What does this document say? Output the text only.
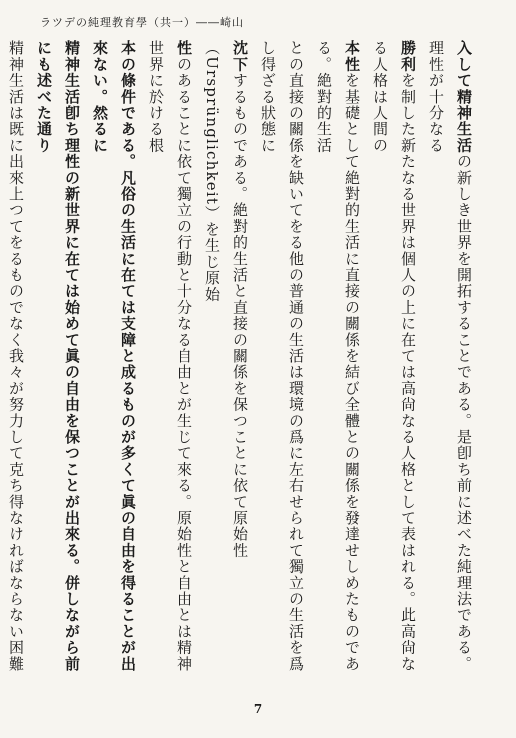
山崎――（一共）學育教理純のデツラ

入して精神生活の新しき世界を開拓することである。是卽ち前に述べた純理法である。理性が十分なる

勝利を制した新たなる世界は個人の上に在ては高尙なる人格として表はれる。此高尙なる人格は人間の

本性を基礎として絶對的生活に直接の關係を結び全體との關係を發達せしめたものである。絶對的生活

との直接の關係を缺いてをる他の普通の生活は環境の爲に左右せられて獨立の生活を爲し得ざる狀態に

沈下するものである。絶對的生活と直接の關係を保つことに依て原始性（Ursprünglichkeit）を生じ原始

性のあることに依て獨立の行動と十分なる自由とが生じて來る。原始性と自由とは精神世界に於ける根

本の條件である。凡俗の生活に在ては支障と成るものが多くて眞の自由を得ることが出來ない。然るに

精神生活卽ち理性の新世界に在ては始めて眞の自由を保つことが出來る。併しながら前にも述べた通り

精神生活は既に出來上つてをるものでなく我々が努力して克ち得なければならない困難

7
